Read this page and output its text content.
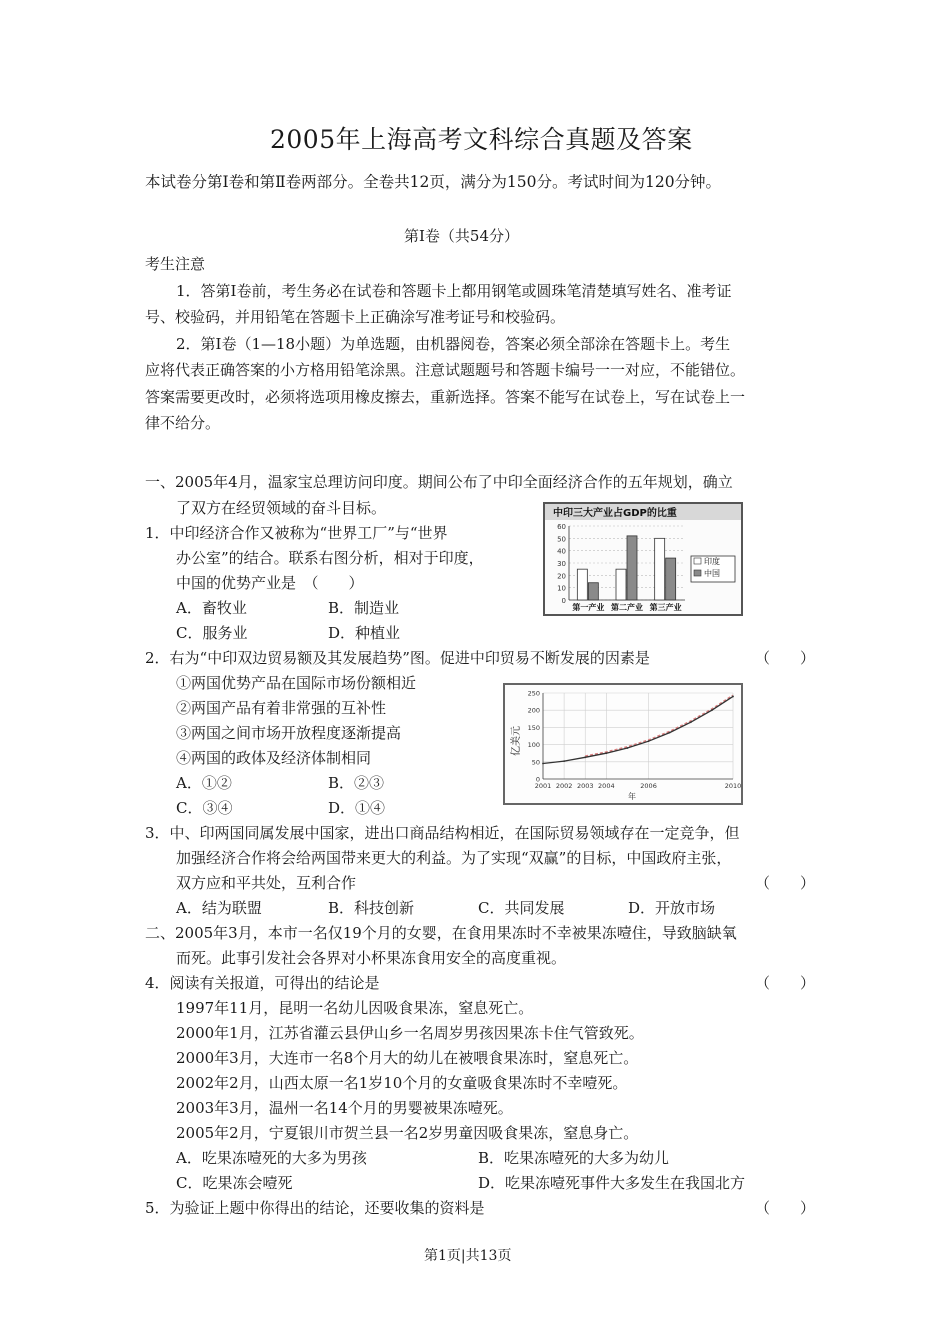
2005年上海高考文科综合真题及答案
本试卷分第Ⅰ卷和第Ⅱ卷两部分。全卷共12页，满分为150分。考试时间为120分钟。
第Ⅰ卷（共54分）
考生注意
1．答第Ⅰ卷前，考生务必在试卷和答题卡上都用钢笔或圆珠笔清楚填写姓名、准考证
号、校验码，并用铅笔在答题卡上正确涂写准考证号和校验码。
2．第Ⅰ卷（1—18小题）为单选题，由机器阅卷，答案必须全部涂在答题卡上。考生
应将代表正确答案的小方格用铅笔涂黑。注意试题题号和答题卡编号一一对应，不能错位。
答案需要更改时，必须将选项用橡皮擦去，重新选择。答案不能写在试卷上，写在试卷上一
律不给分。
一、2005年4月，温家宝总理访问印度。期间公布了中印全面经济合作的五年规划，确立
了双方在经贸领域的奋斗目标。
1．中印经济合作又被称为“世界工厂”与“世界
办公室”的结合。联系右图分析，相对于印度，
中国的优势产业是　（　　）
A．畜牧业	B．制造业
C．服务业	D．种植业
中印三大产业占GDP的比重
0
10
20
30
40
50
60
第一产业 第二产业 第三产业
印度
中国
2．右为“中印双边贸易额及其发展趋势”图。促进中印贸易不断发展的因素是	（　　）
①两国优势产品在国际市场份额相近
②两国产品有着非常强的互补性
③两国之间市场开放程度逐渐提高
④两国的政体及经济体制相同
A．①②	B．②③
C．③④	D．①④
0
50
100
150
200
250
2001 2002 2003 2004	2006	2010
亿美元
年
3．中、印两国同属发展中国家，进出口商品结构相近，在国际贸易领域存在一定竞争，但
加强经济合作将会给两国带来更大的利益。为了实现“双赢”的目标，中国政府主张，
双方应和平共处，互利合作	（　　）
A．结为联盟	B．科技创新	C．共同发展	D．开放市场
二、2005年3月，本市一名仅19个月的女婴，在食用果冻时不幸被果冻噎住，导致脑缺氧
而死。此事引发社会各界对小杯果冻食用安全的高度重视。
4．阅读有关报道，可得出的结论是	（　　）
1997年11月，昆明一名幼儿因吸食果冻，窒息死亡。
2000年1月，江苏省灌云县伊山乡一名周岁男孩因果冻卡住气管致死。
2000年3月，大连市一名8个月大的幼儿在被喂食果冻时，窒息死亡。
2002年2月，山西太原一名1岁10个月的女童吸食果冻时不幸噎死。
2003年3月，温州一名14个月的男婴被果冻噎死。
2005年2月，宁夏银川市贺兰县一名2岁男童因吸食果冻，窒息身亡。
A．吃果冻噎死的大多为男孩	B．吃果冻噎死的大多为幼儿
C．吃果冻会噎死	D．吃果冻噎死事件大多发生在我国北方
5．为验证上题中你得出的结论，还要收集的资料是	（　　）
第1页|共13页
